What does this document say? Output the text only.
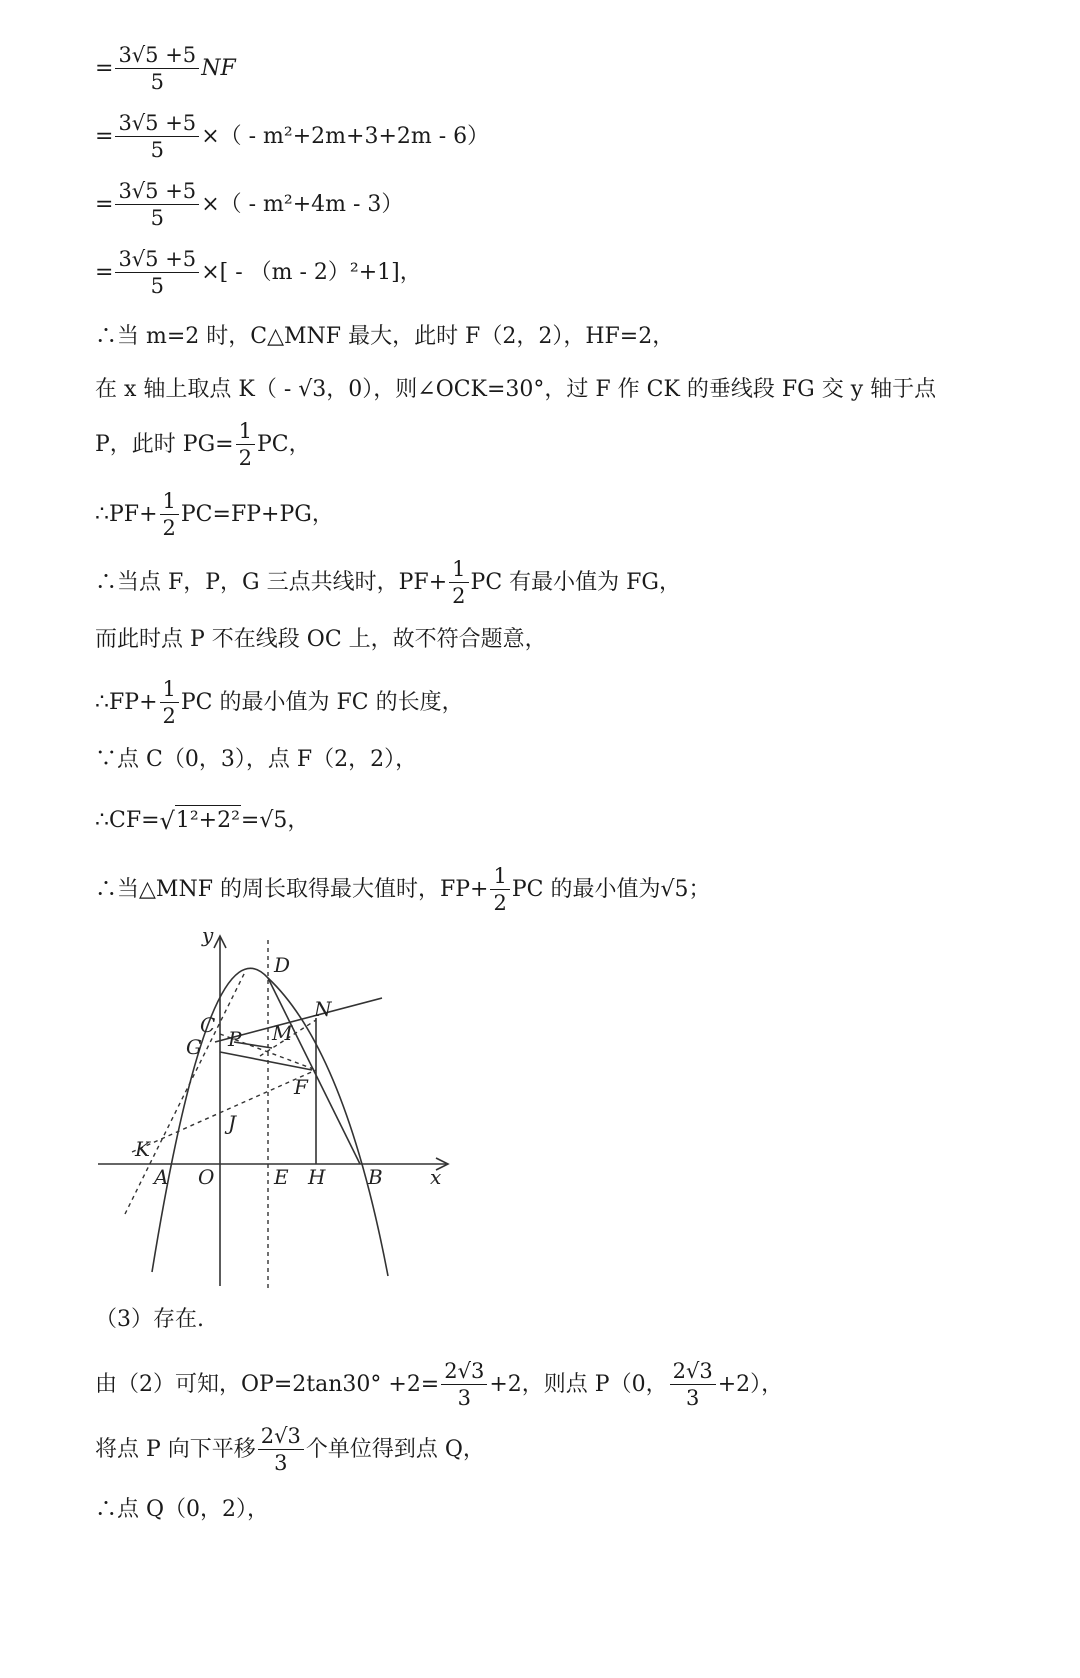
= $\frac{3√5 +5}{5}$ NF
= $\frac{3√5 +5}{5}$ ×（ - m²+2m+3+2m - 6）
= $\frac{3√5 +5}{5}$ ×（ - m²+4m - 3）
= $\frac{3√5 +5}{5}$ ×[ - （m - 2）²+1]，
∴当 m=2 时，C△MNF 最大，此时 F（2，2），HF=2，
在 x 轴上取点 K（ - √3，0），则∠OCK=30°，过 F 作 CK 的垂线段 FG 交 y 轴于点
P，此时 $PG= \frac{1}{2}$ PC，
∴PF+ $\frac{1}{2} PC=FP+PG$，
∴当点 F，P，G 三点共线时，$PF+ \frac{1}{2}$ PC 有最小值为 FG，
而此时点 P 不在线段 OC 上，故不符合题意，
∴FP+ $\frac{1}{2}$ PC 的最小值为 FC 的长度，
∵点 C（0，3），点 F（2，2），
∴CF= √ 1²+2² =√5，
∴当△MNF 的周长取得最大值时，$FP+ \frac{1}{2}$ PC 的最小值为√5；
y
x
D
C
G P M
N
F
J
K
A O	E H B
（3）存在.
由（2）可知，$OP=2\tan 30^\circ +2= \frac{2√3}{3} +2$，则点 P（0， $\frac{2√3}{3} +2$），
将点 P 向下平移 $\frac{2√3}{3}$ 个单位得到点 Q，
∴点 Q（0，2），
